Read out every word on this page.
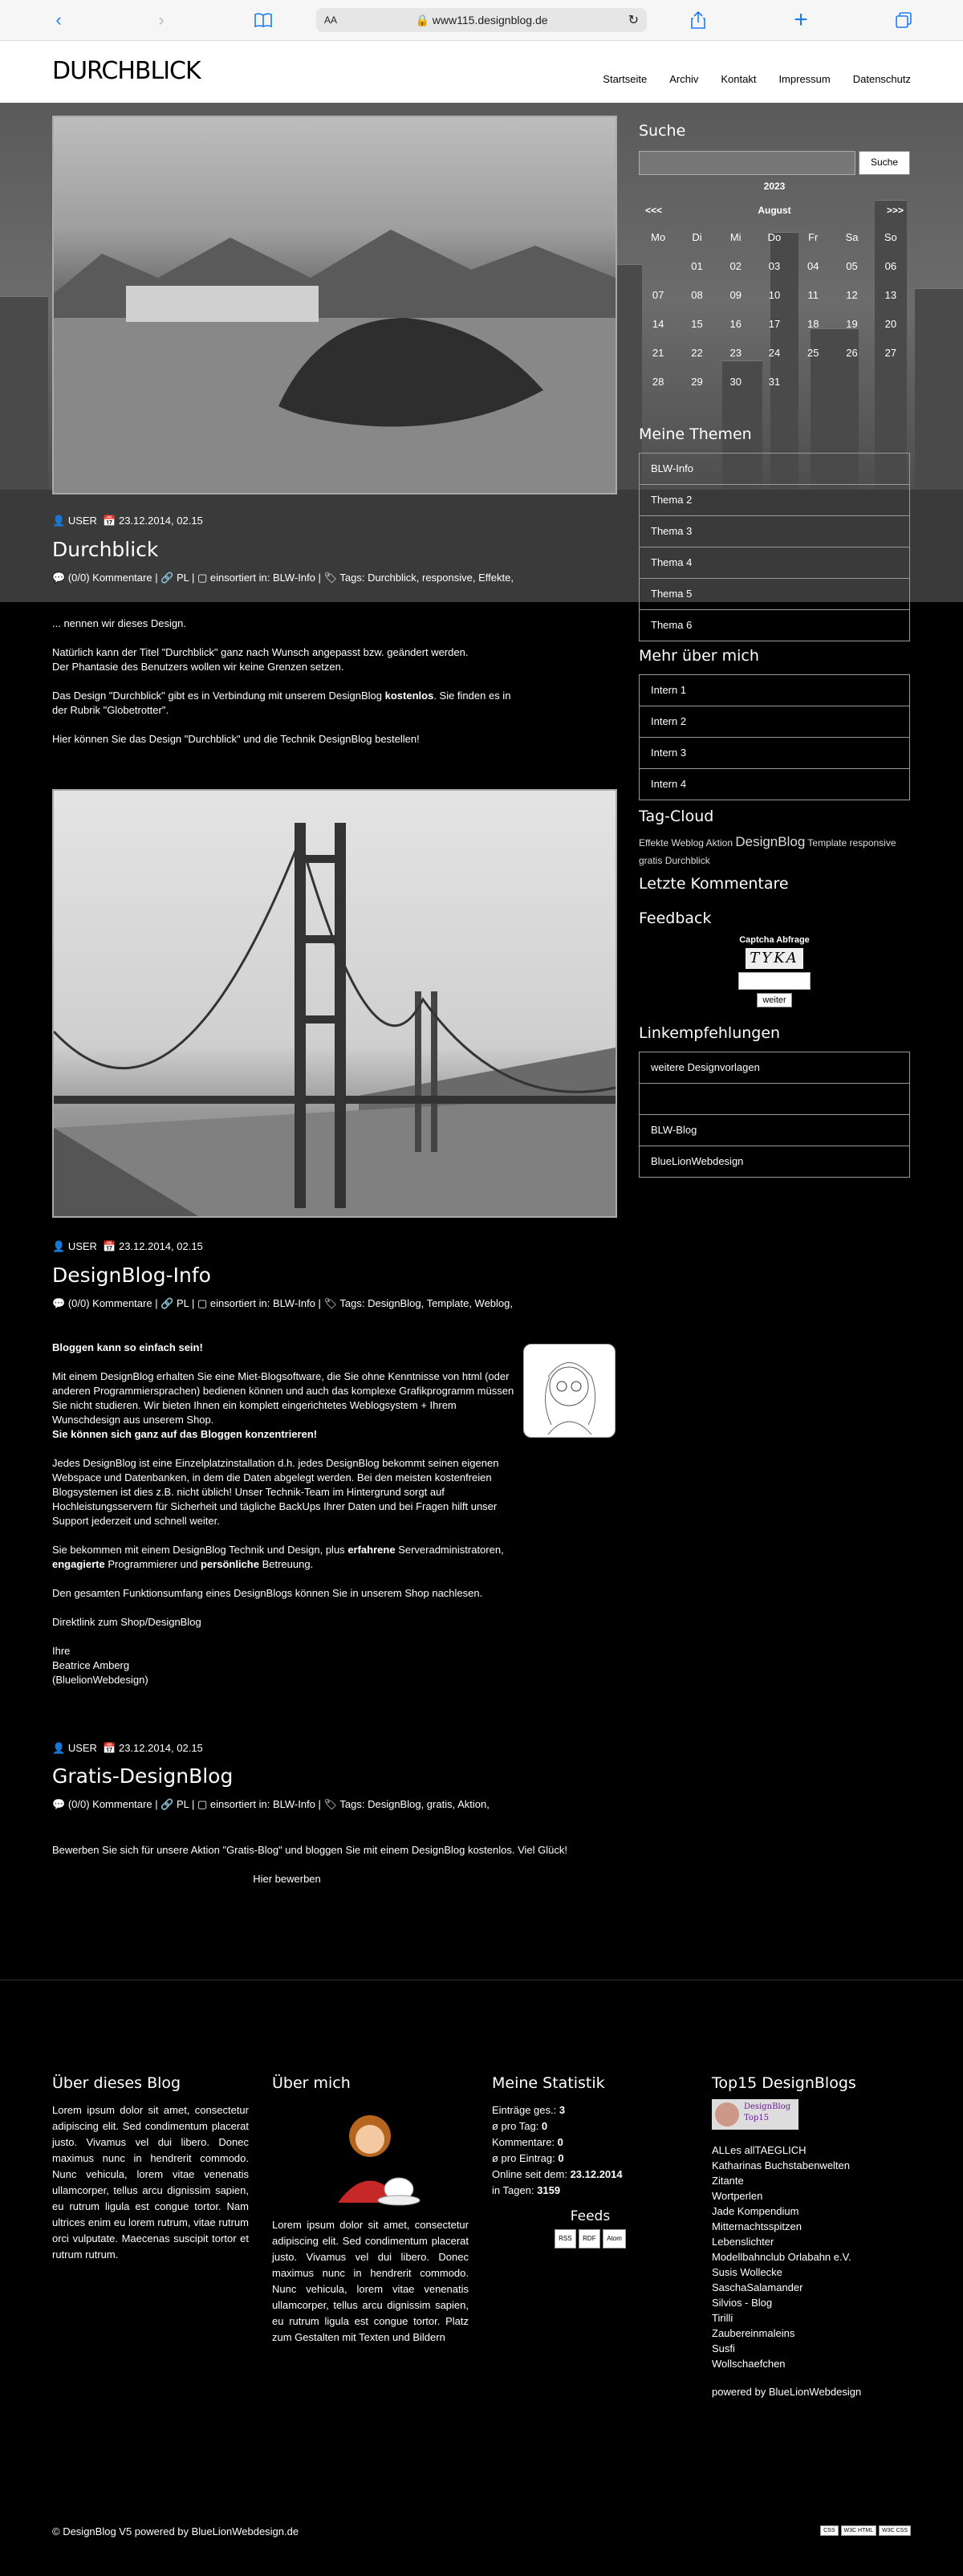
‹	›	AA	🔒 www115.designblog.de	↻	+
DURCHBLICK	Startseite Archiv Kontakt Impressum Datenschutz
👤 USER  📅 23.12.2014, 02.15
Durchblick
💬 (0/0) Kommentare | 🔗 PL | ▢ einsortiert in: BLW-Info | 🏷 Tags: Durchblick, responsive, Effekte,

... nennen wir dieses Design.

Natürlich kann der Titel "Durchblick" ganz nach Wunsch angepasst bzw. geändert werden.
Der Phantasie des Benutzers wollen wir keine Grenzen setzen.

Das Design "Durchblick" gibt es in Verbindung mit unserem DesignBlog kostenlos. Sie finden es in der Rubrik "Globetrotter".

Hier können Sie das Design "Durchblick" und die Technik DesignBlog bestellen!

👤 USER  📅 23.12.2014, 02.15
DesignBlog-Info
💬 (0/0) Kommentare | 🔗 PL | ▢ einsortiert in: BLW-Info | 🏷 Tags: DesignBlog, Template, Weblog,

Bloggen kann so einfach sein!

Mit einem DesignBlog erhalten Sie eine Miet-Blogsoftware, die Sie ohne Kenntnisse von html (oder anderen Programmiersprachen) bedienen können und auch das komplexe Grafikprogramm müssen Sie nicht studieren. Wir bieten Ihnen ein komplett eingerichtetes Weblogsystem + Ihrem Wunschdesign aus unserem Shop.
Sie können sich ganz auf das Bloggen konzentrieren!

Jedes DesignBlog ist eine Einzelplatzinstallation d.h. jedes DesignBlog bekommt seinen eigenen Webspace und Datenbanken, in dem die Daten abgelegt werden. Bei den meisten kostenfreien Blogsystemen ist dies z.B. nicht üblich! Unser Technik-Team im Hintergrund sorgt auf Hochleistungsservern für Sicherheit und tägliche BackUps Ihrer Daten und bei Fragen hilft unser Support jederzeit und schnell weiter.

Sie bekommen mit einem DesignBlog Technik und Design, plus erfahrene Serveradministratoren, engagierte Programmierer und persönliche Betreuung.

Den gesamten Funktionsumfang eines DesignBlogs können Sie in unserem Shop nachlesen.

Direktlink zum Shop/DesignBlog

Ihre
Beatrice Amberg
(BluelionWebdesign)

👤 USER  📅 23.12.2014, 02.15
Gratis-DesignBlog
💬 (0/0) Kommentare | 🔗 PL | ▢ einsortiert in: BLW-Info | 🏷 Tags: DesignBlog, gratis, Aktion,

Bewerben Sie sich für unsere Aktion "Gratis-Blog" und bloggen Sie mit einem DesignBlog kostenlos. Viel Glück!

Hier bewerben

Suche
Suche
2023
<<<	August	>>>
Mo	Di	Mi	Do	Fr	Sa	So
	01	02	03	04	05	06
07	08	09	10	11	12	13
14	15	16	17	18	19	20
21	22	23	24	25	26	27
28	29	30	31			
Meine Themen
BLW-Info
Thema 2
Thema 3
Thema 4
Thema 5
Thema 6
Mehr über mich
Intern 1
Intern 2
Intern 3
Intern 4
Tag-Cloud
Effekte Weblog Aktion DesignBlog Template responsive
gratis Durchblick
Letzte Kommentare
Feedback
Captcha Abfrage
TYKA
weiter
Linkempfehlungen
weitere Designvorlagen
BLW-Blog
BlueLionWebdesign
Über dieses Blog
Lorem ipsum dolor sit amet, consectetur adipiscing elit. Sed condimentum placerat justo. Vivamus vel dui libero. Donec maximus nunc in hendrerit commodo. Nunc vehicula, lorem vitae venenatis ullamcorper, tellus arcu dignissim sapien, eu rutrum ligula est congue tortor. Nam ultrices enim eu lorem rutrum, vitae rutrum orci vulputate. Maecenas suscipit tortor et rutrum rutrum.
Über mich
Lorem ipsum dolor sit amet, consectetur adipiscing elit. Sed condimentum placerat justo. Vivamus vel dui libero. Donec maximus nunc in hendrerit commodo. Nunc vehicula, lorem vitae venenatis ullamcorper, tellus arcu dignissim sapien, eu rutrum ligula est congue tortor. Platz zum Gestalten mit Texten und Bildern
Meine Statistik
Einträge ges.: 3
ø pro Tag: 0
Kommentare: 0
ø pro Eintrag: 0
Online seit dem: 23.12.2014
in Tagen: 3159
Feeds
RSS RDF Atom
Top15 DesignBlogs
DesignBlog Top15
ALLes allTAEGLICH
Katharinas Buchstabenwelten
Zitante
Wortperlen
Jade Kompendium
Mitternachtsspitzen
Lebenslichter
Modellbahnclub Orlabahn e.V.
Susis Wollecke
SaschaSalamander
Silvios - Blog
Tirilli
Zaubereinmaleins
Susfi
Wollschaefchen
powered by BlueLionWebdesign
© DesignBlog V5 powered by BlueLionWebdesign.de	CSS	W3C HTML	W3C CSS
